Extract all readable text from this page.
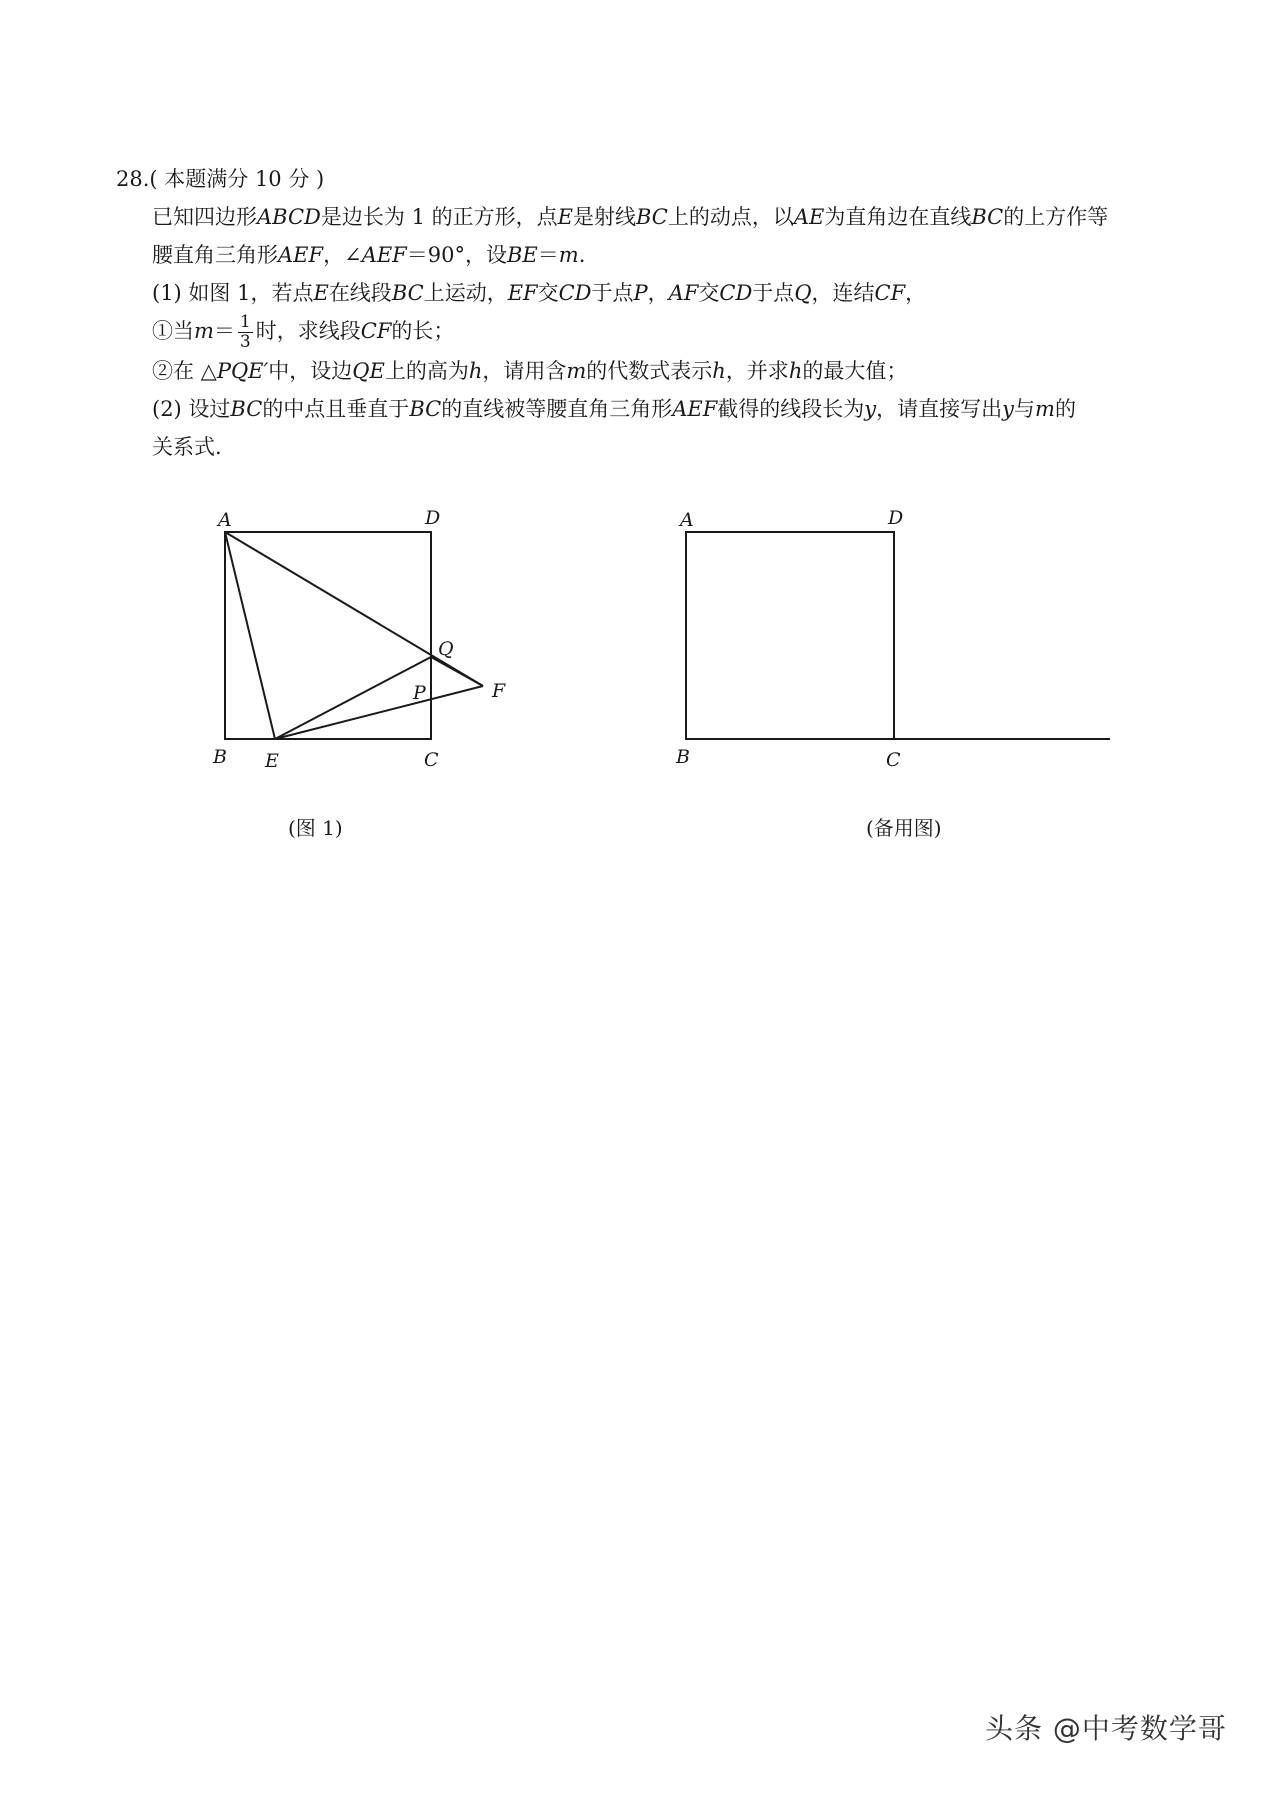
28.( 本题满分 10 分 )

已知四边形ABCD是边长为 1 的正方形，点E是射线BC上的动点，以AE为直角边在直线BC的上方作等

腰直角三角形AEF，∠AEF＝90°，设BE＝m.

(1) 如图 1，若点E在线段BC上运动，EF交CD于点P，AF交CD于点Q，连结CF，

①当$m= \frac{1}{3}$ 时，求线段CF的长；

②在 △PQE′中，设边QE上的高为h，请用含m的代数式表示h，并求h的最大值；

(2) 设过BC的中点且垂直于BC的直线被等腰直角三角形AEF截得的线段长为y，请直接写出y与m的

关系式.

A	D
Q
P	F
B E	C
A	D
B	C
(图 1)	(备用图)
头条 @中考数学哥
